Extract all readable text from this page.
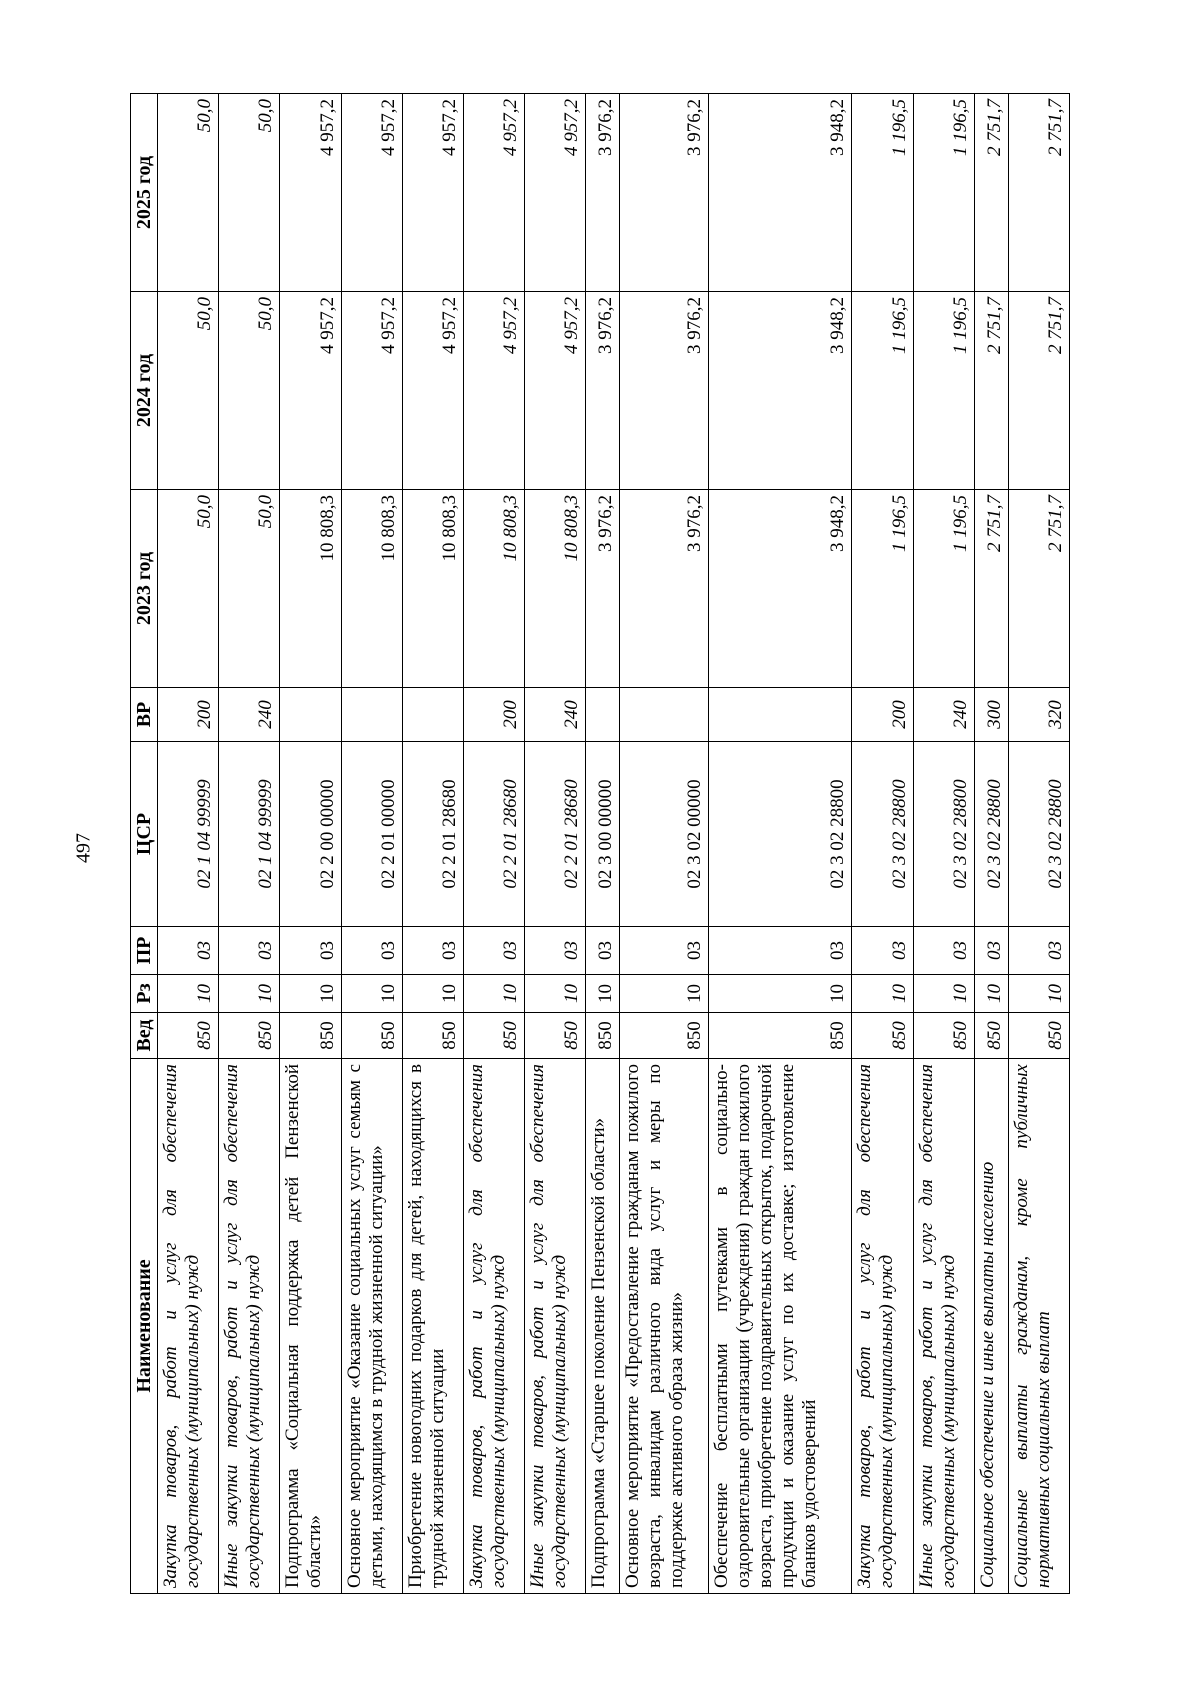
497
Наименование	Вед	Рз	ПР	ЦСР	ВР	2023 год	2024 год	2025 год
Закупка товаров, работ и услуг для обеспечения государственных (муниципальных) нужд	850	10	03	02 1 04 99999	200	50,0	50,0	50,0
Иные закупки товаров, работ и услуг для обеспечения государственных (муниципальных) нужд	850	10	03	02 1 04 99999	240	50,0	50,0	50,0
Подпрограмма «Социальная поддержка детей Пензенской области»	850	10	03	02 2 00 00000		10 808,3	4 957,2	4 957,2
Основное мероприятие «Оказание социальных услуг семьям с детьми, находящимся в трудной жизненной ситуации»	850	10	03	02 2 01 00000		10 808,3	4 957,2	4 957,2
Приобретение новогодних подарков для детей, находящихся в трудной жизненной ситуации	850	10	03	02 2 01 28680		10 808,3	4 957,2	4 957,2
Закупка товаров, работ и услуг для обеспечения государственных (муниципальных) нужд	850	10	03	02 2 01 28680	200	10 808,3	4 957,2	4 957,2
Иные закупки товаров, работ и услуг для обеспечения государственных (муниципальных) нужд	850	10	03	02 2 01 28680	240	10 808,3	4 957,2	4 957,2
Подпрограмма «Старшее поколение Пензенской области»	850	10	03	02 3 00 00000		3 976,2	3 976,2	3 976,2
Основное мероприятие «Предоставление гражданам пожилого возраста, инвалидам различного вида услуг и меры по поддержке активного образа жизни»	850	10	03	02 3 02 00000		3 976,2	3 976,2	3 976,2
Обеспечение бесплатными путевками в социально-оздоровительные организации (учреждения) граждан пожилого возраста, приобретение поздравительных открыток, подарочной продукции и оказание услуг по их доставке; изготовление бланков удостоверений	850	10	03	02 3 02 28800		3 948,2	3 948,2	3 948,2
Закупка товаров, работ и услуг для обеспечения государственных (муниципальных) нужд	850	10	03	02 3 02 28800	200	1 196,5	1 196,5	1 196,5
Иные закупки товаров, работ и услуг для обеспечения государственных (муниципальных) нужд	850	10	03	02 3 02 28800	240	1 196,5	1 196,5	1 196,5
Социальное обеспечение и иные выплаты населению	850	10	03	02 3 02 28800	300	2 751,7	2 751,7	2 751,7
Социальные выплаты гражданам, кроме публичных нормативных социальных выплат	850	10	03	02 3 02 28800	320	2 751,7	2 751,7	2 751,7
